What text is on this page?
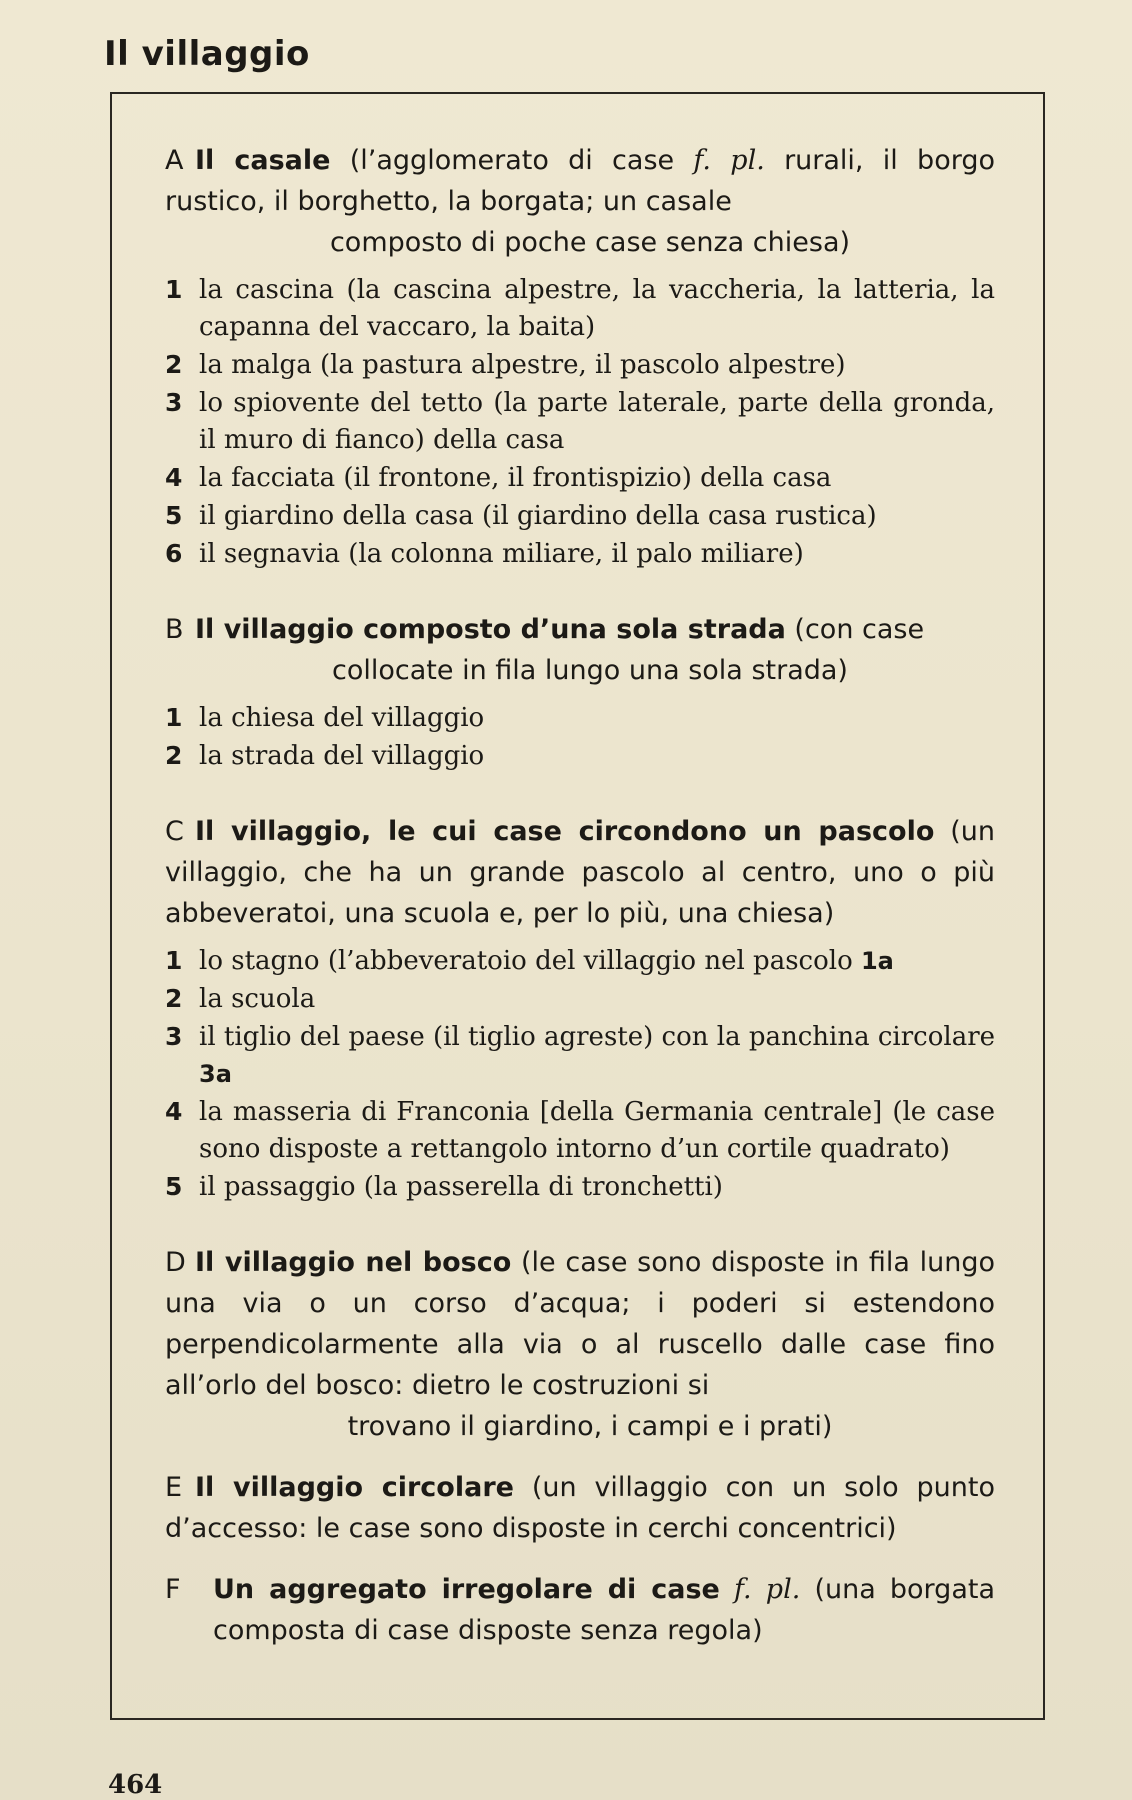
Il villaggio

A Il casale (l’agglomerato di case f. pl. rurali, il borgo rustico, il borghetto, la borgata; un casale
composto di poche case senza chiesa)

1 la cascina (la cascina alpestre, la vaccheria, la latteria, la capanna del vaccaro, la baita)
2 la malga (la pastura alpestre, il pascolo alpestre)
3 lo spiovente del tetto (la parte laterale, parte della gronda, il muro di fianco) della casa
4 la facciata (il frontone, il frontispizio) della casa
5 il giardino della casa (il giardino della casa rustica)
6 il segnavia (la colonna miliare, il palo miliare)

B Il villaggio composto d’una sola strada (con case
collocate in fila lungo una sola strada)

1 la chiesa del villaggio
2 la strada del villaggio

C Il villaggio, le cui case circondono un pascolo (un villaggio, che ha un grande pascolo al centro, uno o più abbeveratoi, una scuola e, per lo più, una chiesa)

1 lo stagno (l’abbeveratoio del villaggio nel pascolo 1a
2 la scuola
3 il tiglio del paese (il tiglio agreste) con la panchina circolare 3a
4 la masseria di Franconia [della Germania centrale] (le case sono disposte a rettangolo intorno d’un cortile quadrato)
5 il passaggio (la passerella di tronchetti)

D Il villaggio nel bosco (le case sono disposte in fila lungo una via o un corso d’acqua; i poderi si estendono perpendicolarmente alla via o al ruscello dalle case fino all’orlo del bosco: dietro le costruzioni si
trovano il giardino, i campi e i prati)

E Il villaggio circolare (un villaggio con un solo punto d’accesso: le case sono disposte in cerchi concentrici)

F Un aggregato irregolare di case f. pl. (una borgata composta di case disposte senza regola)

464
